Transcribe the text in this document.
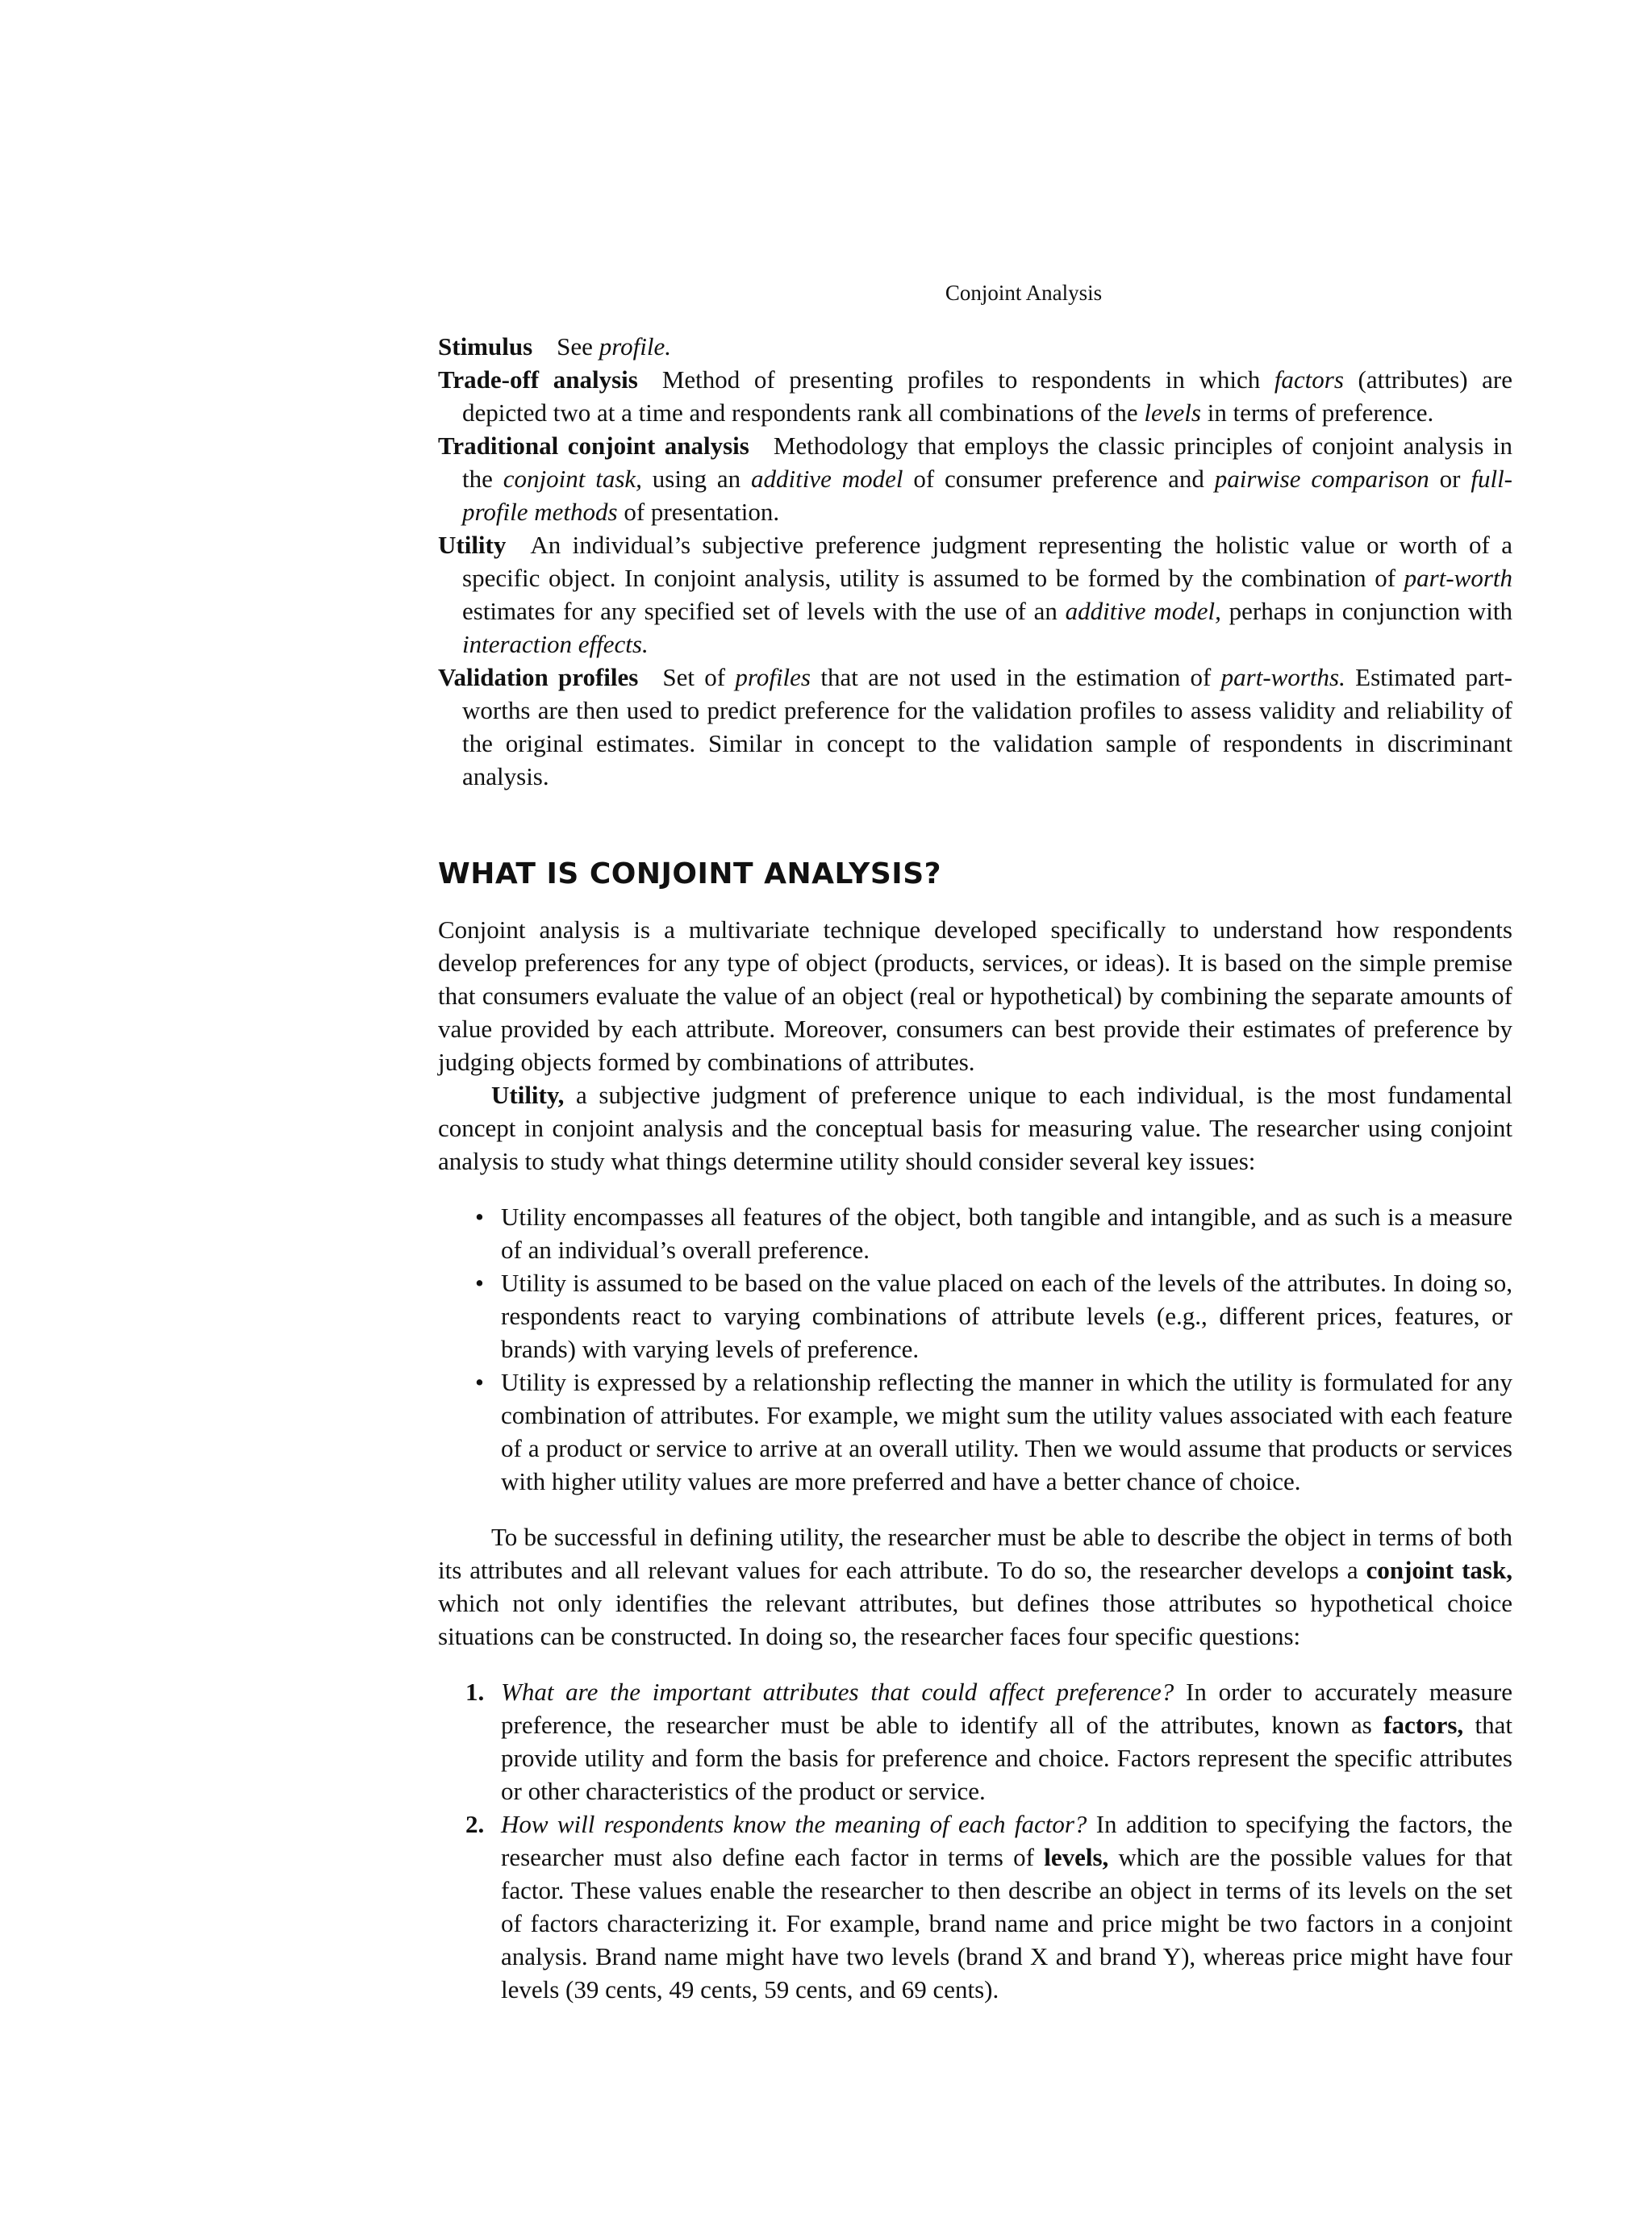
Conjoint Analysis

Stimulus See profile.

Trade-off analysis Method of presenting profiles to respondents in which factors (attributes) are depicted two at a time and respondents rank all combinations of the levels in terms of preference.

Traditional conjoint analysis Methodology that employs the classic principles of conjoint analysis in the conjoint task, using an additive model of consumer preference and pairwise comparison or full-profile methods of presentation.

Utility An individual’s subjective preference judgment representing the holistic value or worth of a specific object. In conjoint analysis, utility is assumed to be formed by the combination of part-worth estimates for any specified set of levels with the use of an additive model, perhaps in conjunction with interaction effects.

Validation profiles Set of profiles that are not used in the estimation of part-worths. Estimated part-worths are then used to predict preference for the validation profiles to assess validity and reliability of the original estimates. Similar in concept to the validation sample of respondents in discriminant analysis.

WHAT IS CONJOINT ANALYSIS?

Conjoint analysis is a multivariate technique developed specifically to understand how respondents develop preferences for any type of object (products, services, or ideas). It is based on the simple premise that consumers evaluate the value of an object (real or hypothetical) by combining the separate amounts of value provided by each attribute. Moreover, consumers can best provide their estimates of preference by judging objects formed by combinations of attributes.

Utility, a subjective judgment of preference unique to each individual, is the most fundamental concept in conjoint analysis and the conceptual basis for measuring value. The researcher using conjoint analysis to study what things determine utility should consider several key issues:

• Utility encompasses all features of the object, both tangible and intangible, and as such is a measure of an individual’s overall preference.
• Utility is assumed to be based on the value placed on each of the levels of the attributes. In doing so, respondents react to varying combinations of attribute levels (e.g., different prices, features, or brands) with varying levels of preference.
• Utility is expressed by a relationship reflecting the manner in which the utility is formulated for any combination of attributes. For example, we might sum the utility values associated with each feature of a product or service to arrive at an overall utility. Then we would assume that products or services with higher utility values are more preferred and have a better chance of choice.

To be successful in defining utility, the researcher must be able to describe the object in terms of both its attributes and all relevant values for each attribute. To do so, the researcher develops a conjoint task, which not only identifies the relevant attributes, but defines those attributes so hypothetical choice situations can be constructed. In doing so, the researcher faces four specific questions:

1. What are the important attributes that could affect preference? In order to accurately measure preference, the researcher must be able to identify all of the attributes, known as factors, that provide utility and form the basis for preference and choice. Factors represent the specific attributes or other characteristics of the product or service.
2. How will respondents know the meaning of each factor? In addition to specifying the factors, the researcher must also define each factor in terms of levels, which are the possible values for that factor. These values enable the researcher to then describe an object in terms of its levels on the set of factors characterizing it. For example, brand name and price might be two factors in a conjoint analysis. Brand name might have two levels (brand X and brand Y), whereas price might have four levels (39 cents, 49 cents, 59 cents, and 69 cents).
